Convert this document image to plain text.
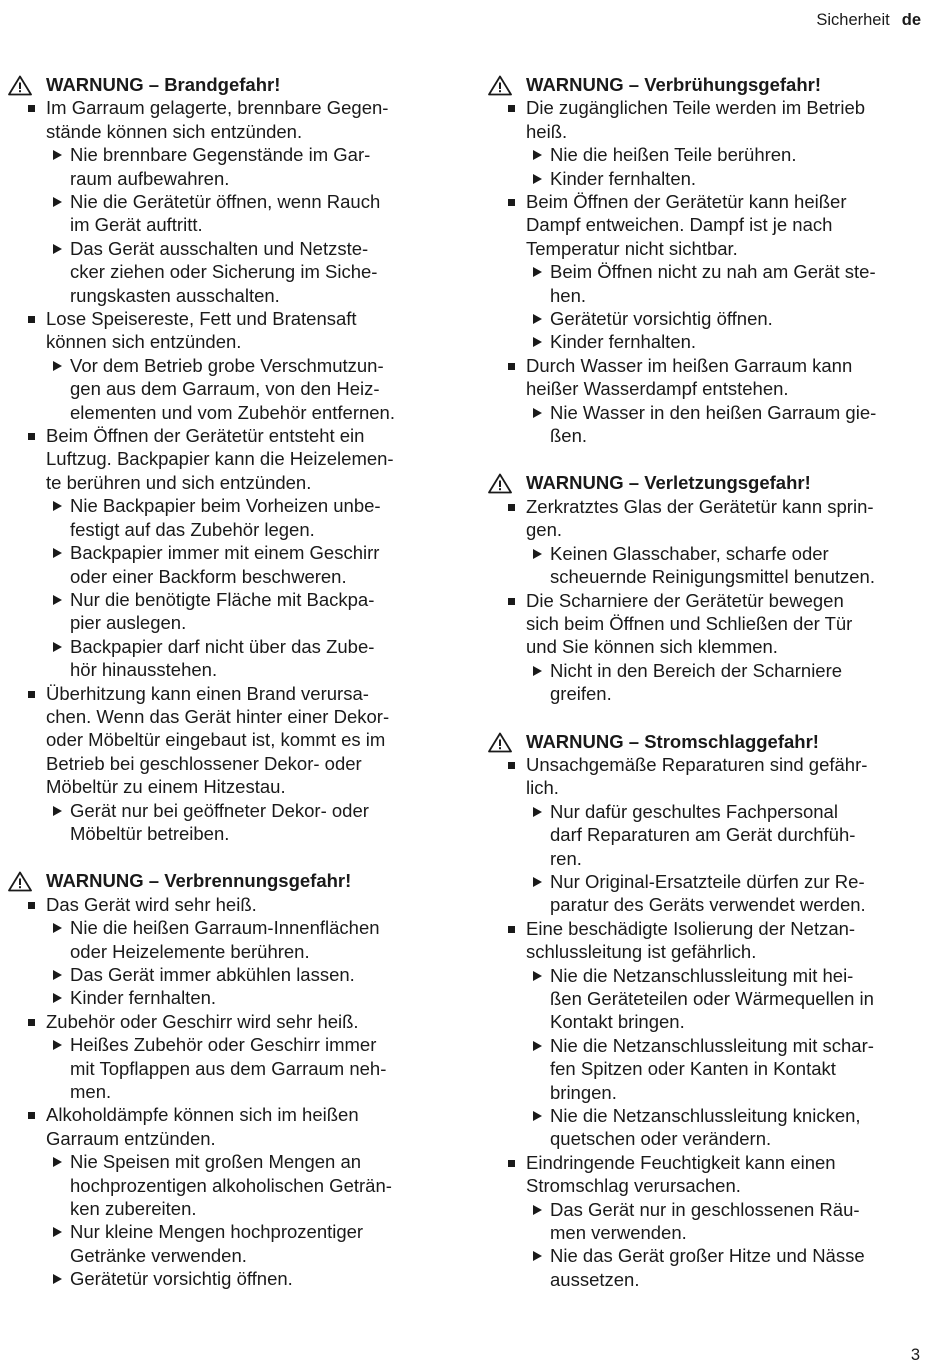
Sicherheit de
WARNUNG – Brandgefahr!
Im Garraum gelagerte, brennbare Gegen-
stände können sich entzünden.
Nie brennbare Gegenstände im Gar-
raum aufbewahren.
Nie die Gerätetür öffnen, wenn Rauch
im Gerät auftritt.
Das Gerät ausschalten und Netzste-
cker ziehen oder Sicherung im Siche-
rungskasten ausschalten.
Lose Speisereste, Fett und Bratensaft
können sich entzünden.
Vor dem Betrieb grobe Verschmutzun-
gen aus dem Garraum, von den Heiz-
elementen und vom Zubehör entfernen.
Beim Öffnen der Gerätetür entsteht ein
Luftzug. Backpapier kann die Heizelemen-
te berühren und sich entzünden.
Nie Backpapier beim Vorheizen unbe-
festigt auf das Zubehör legen.
Backpapier immer mit einem Geschirr
oder einer Backform beschweren.
Nur die benötigte Fläche mit Backpa-
pier auslegen.
Backpapier darf nicht über das Zube-
hör hinausstehen.
Überhitzung kann einen Brand verursa-
chen. Wenn das Gerät hinter einer Dekor-
oder Möbeltür eingebaut ist, kommt es im
Betrieb bei geschlossener Dekor- oder
Möbeltür zu einem Hitzestau.
Gerät nur bei geöffneter Dekor- oder
Möbeltür betreiben.
WARNUNG – Verbrennungsgefahr!
Das Gerät wird sehr heiß.
Nie die heißen Garraum-Innenflächen
oder Heizelemente berühren.
Das Gerät immer abkühlen lassen.
Kinder fernhalten.
Zubehör oder Geschirr wird sehr heiß.
Heißes Zubehör oder Geschirr immer
mit Topflappen aus dem Garraum neh-
men.
Alkoholdämpfe können sich im heißen
Garraum entzünden.
Nie Speisen mit großen Mengen an
hochprozentigen alkoholischen Geträn-
ken zubereiten.
Nur kleine Mengen hochprozentiger
Getränke verwenden.
Gerätetür vorsichtig öffnen.
WARNUNG – Verbrühungsgefahr!
Die zugänglichen Teile werden im Betrieb
heiß.
Nie die heißen Teile berühren.
Kinder fernhalten.
Beim Öffnen der Gerätetür kann heißer
Dampf entweichen. Dampf ist je nach
Temperatur nicht sichtbar.
Beim Öffnen nicht zu nah am Gerät ste-
hen.
Gerätetür vorsichtig öffnen.
Kinder fernhalten.
Durch Wasser im heißen Garraum kann
heißer Wasserdampf entstehen.
Nie Wasser in den heißen Garraum gie-
ßen.
WARNUNG – Verletzungsgefahr!
Zerkratztes Glas der Gerätetür kann sprin-
gen.
Keinen Glasschaber, scharfe oder
scheuernde Reinigungsmittel benutzen.
Die Scharniere der Gerätetür bewegen
sich beim Öffnen und Schließen der Tür
und Sie können sich klemmen.
Nicht in den Bereich der Scharniere
greifen.
WARNUNG – Stromschlaggefahr!
Unsachgemäße Reparaturen sind gefähr-
lich.
Nur dafür geschultes Fachpersonal
darf Reparaturen am Gerät durchfüh-
ren.
Nur Original-Ersatzteile dürfen zur Re-
paratur des Geräts verwendet werden.
Eine beschädigte Isolierung der Netzan-
schlussleitung ist gefährlich.
Nie die Netzanschlussleitung mit hei-
ßen Geräteteilen oder Wärmequellen in
Kontakt bringen.
Nie die Netzanschlussleitung mit schar-
fen Spitzen oder Kanten in Kontakt
bringen.
Nie die Netzanschlussleitung knicken,
quetschen oder verändern.
Eindringende Feuchtigkeit kann einen
Stromschlag verursachen.
Das Gerät nur in geschlossenen Räu-
men verwenden.
Nie das Gerät großer Hitze und Nässe
aussetzen.
3
